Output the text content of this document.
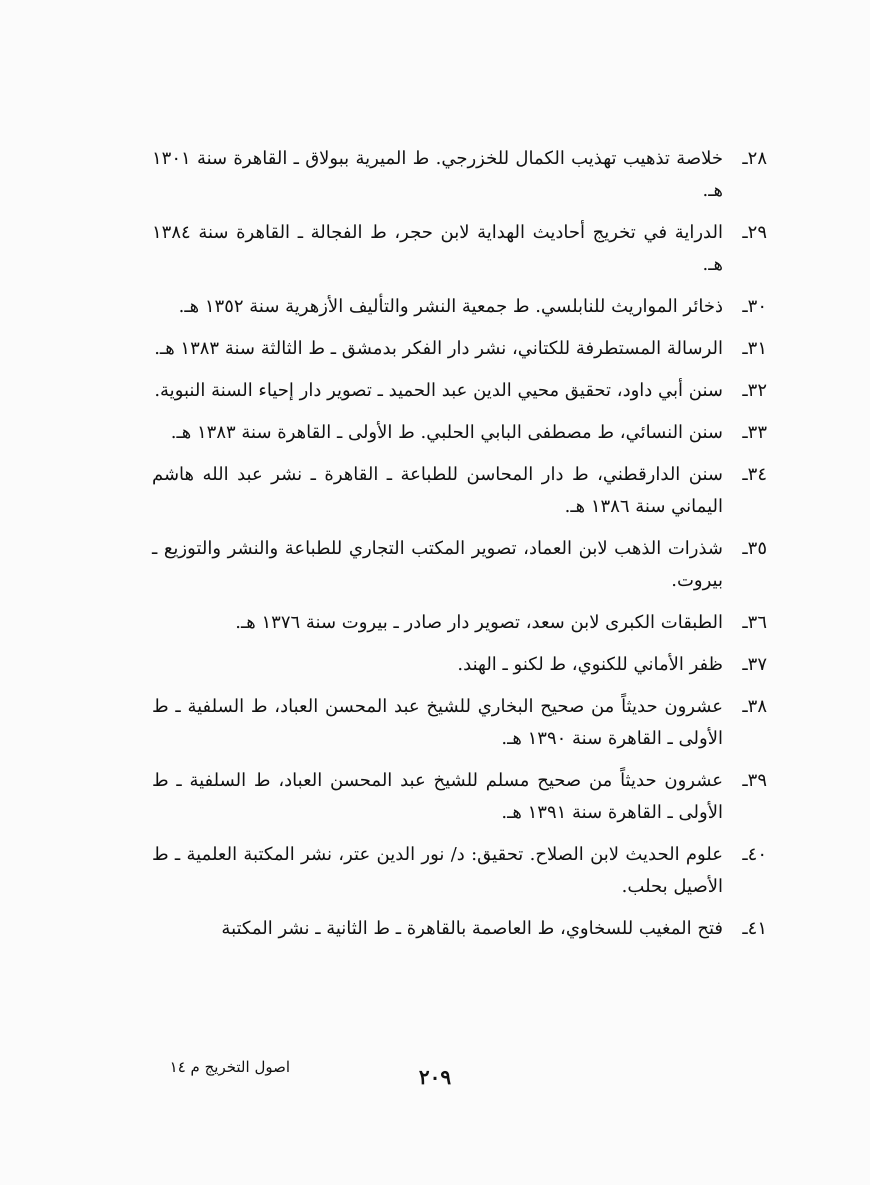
٢٨ـ
خلاصة تذهيب تهذيب الكمال للخزرجي. ط الميرية ببولاق ـ القاهرة سنة ١٣٠١ هـ.
٢٩ـ
الدراية في تخريج أحاديث الهداية لابن حجر، ط الفجالة ـ القاهرة سنة ١٣٨٤ هـ.
٣٠ـ
ذخائر المواريث للنابلسي. ط جمعية النشر والتأليف الأزهرية سنة ١٣٥٢ هـ.
٣١ـ
الرسالة المستطرفة للكتاني، نشر دار الفكر بدمشق ـ ط الثالثة سنة ١٣٨٣ هـ.
٣٢ـ
سنن أبي داود، تحقيق محيي الدين عبد الحميد ـ تصوير دار إحياء السنة النبوية.
٣٣ـ
سنن النسائي، ط مصطفى البابي الحلبي. ط الأولى ـ القاهرة سنة ١٣٨٣ هـ.
٣٤ـ
سنن الدارقطني، ط دار المحاسن للطباعة ـ القاهرة ـ نشر عبد الله هاشم اليماني سنة ١٣٨٦ هـ.
٣٥ـ
شذرات الذهب لابن العماد، تصوير المكتب التجاري للطباعة والنشر والتوزيع ـ بيروت.
٣٦ـ
الطبقات الكبرى لابن سعد، تصوير دار صادر ـ بيروت سنة ١٣٧٦ هـ.
٣٧ـ
ظفر الأماني للكنوي، ط لكنو ـ الهند.
٣٨ـ
عشرون حديثاً من صحيح البخاري للشيخ عبد المحسن العباد، ط السلفية ـ ط الأولى ـ القاهرة سنة ١٣٩٠ هـ.
٣٩ـ
عشرون حديثاً من صحيح مسلم للشيخ عبد المحسن العباد، ط السلفية ـ ط الأولى ـ القاهرة سنة ١٣٩١ هـ.
٤٠ـ
علوم الحديث لابن الصلاح. تحقيق: د/ نور الدين عتر، نشر المكتبة العلمية ـ ط الأصيل بحلب.
٤١ـ
فتح المغيب للسخاوي، ط العاصمة بالقاهرة ـ ط الثانية ـ نشر المكتبة
اصول التخريج م ١٤	٢٠٩
